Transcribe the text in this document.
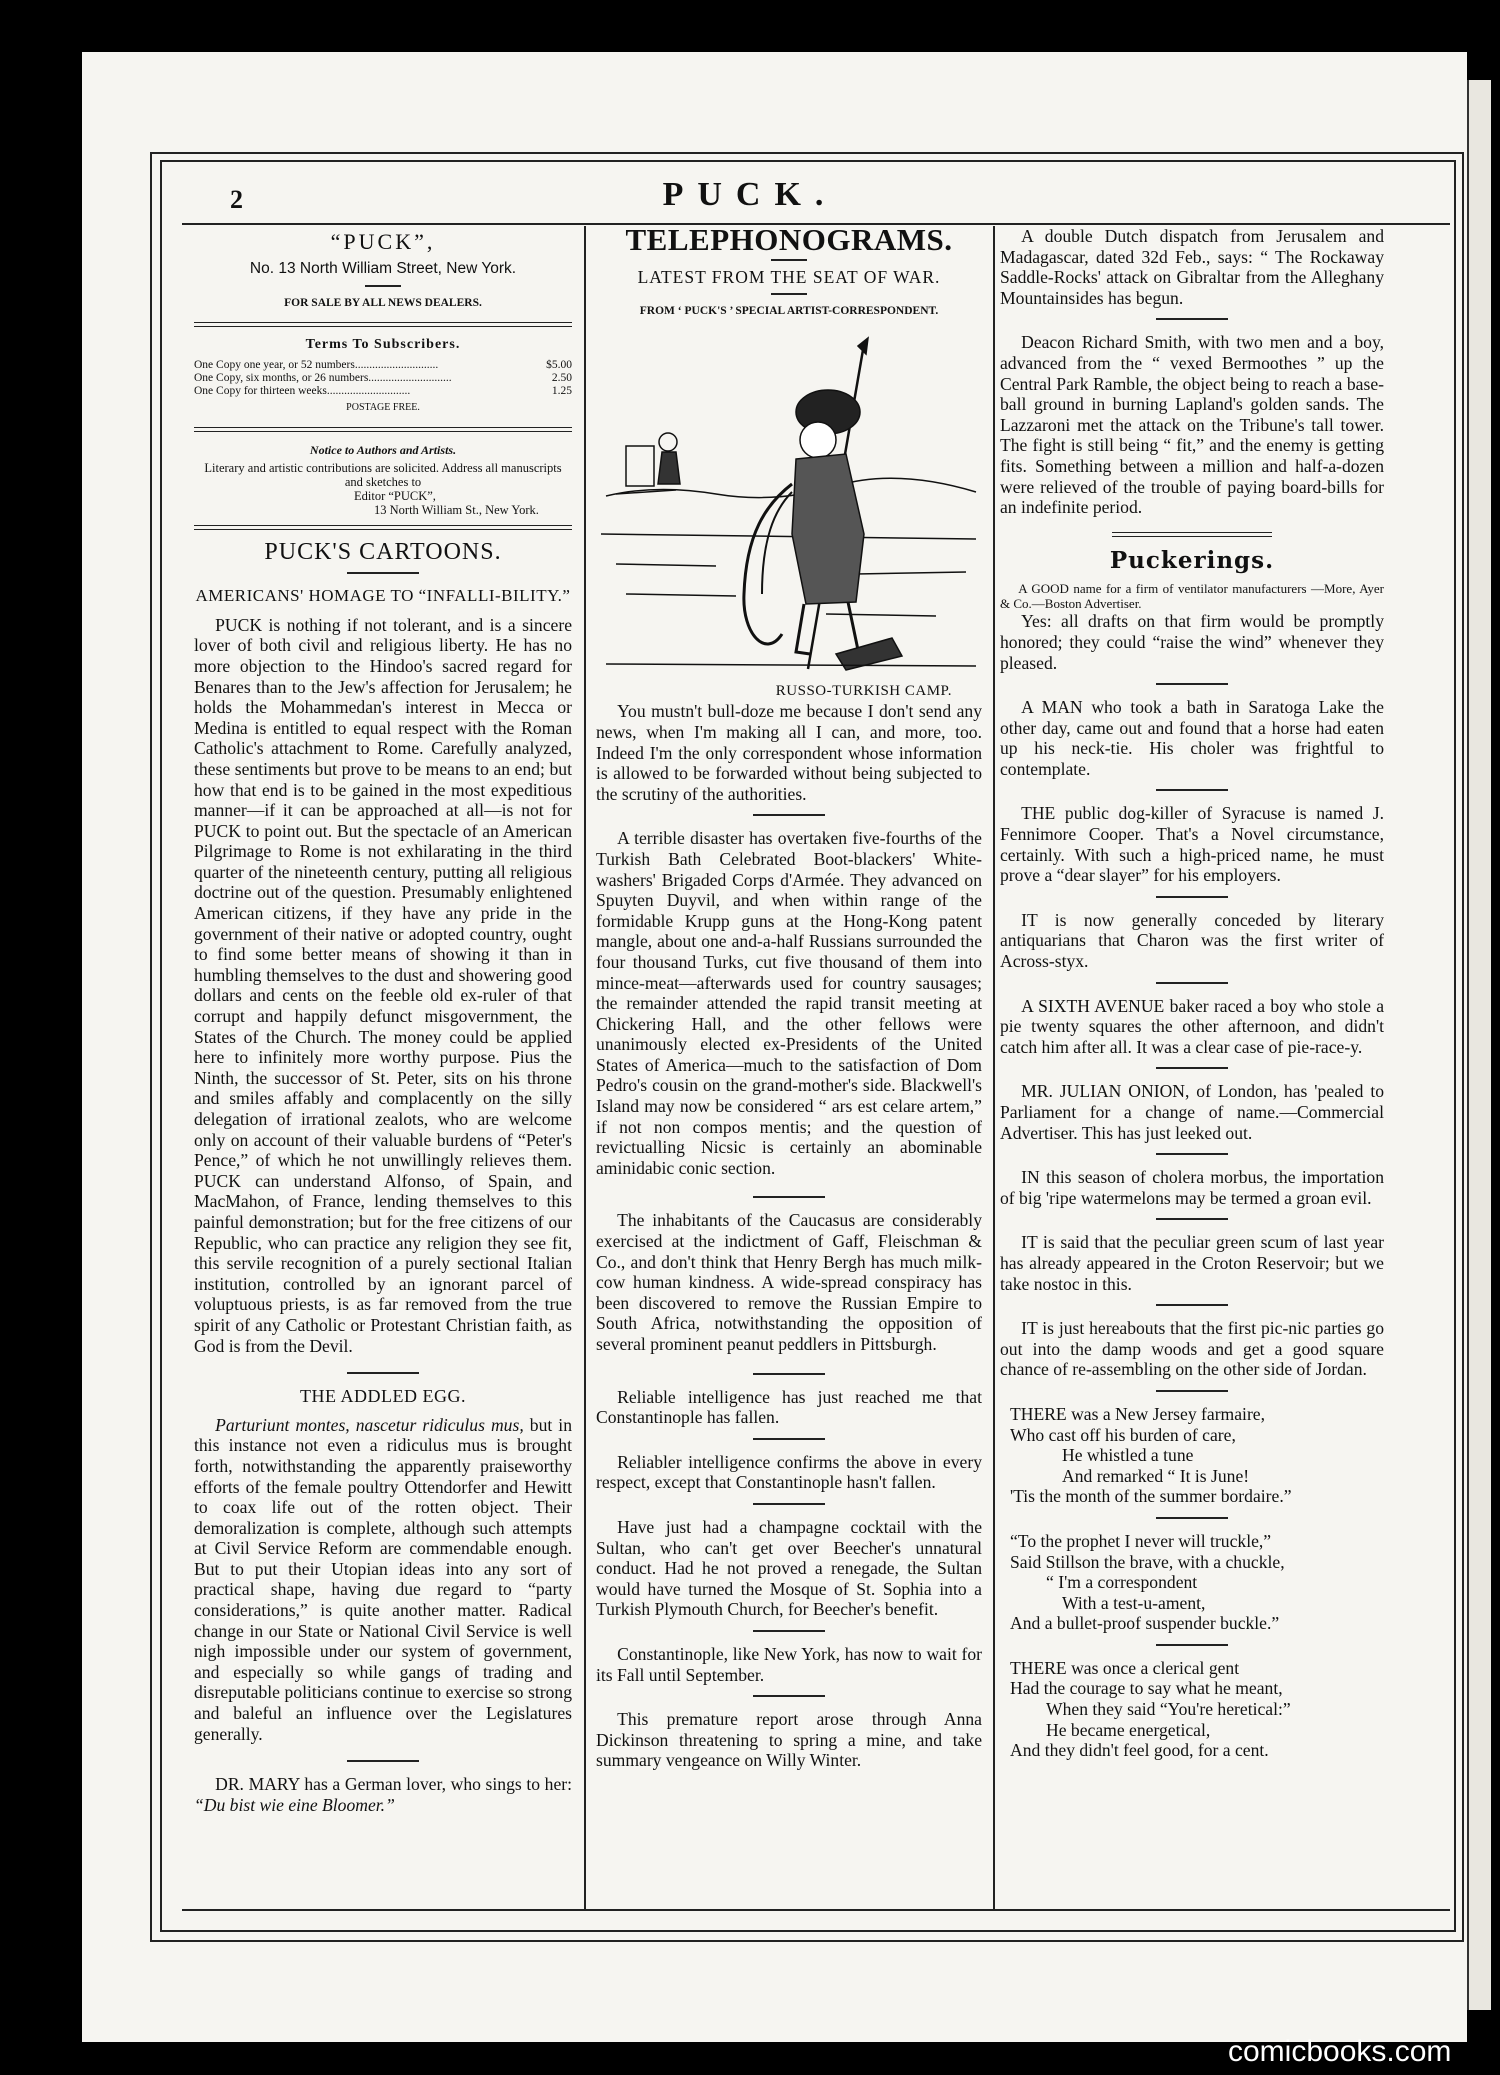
2	PUCK.
“PUCK”,
No. 13 North William Street, New York.
FOR SALE BY ALL NEWS DEALERS.
Terms To Subscribers.
One Copy one year, or 52 numbers.............................	$5.00
One Copy, six months, or 26 numbers.............................	2.50
One Copy for thirteen weeks.............................	1.25
POSTAGE FREE.
Notice to Authors and Artists.
Literary and artistic contributions are solicited. Address all manuscripts and sketches to
Editor “PUCK”,
13 North William St., New York.
PUCK'S CARTOONS.
AMERICANS' HOMAGE TO “INFALLI-BILITY.”

PUCK is nothing if not tolerant, and is a sincere lover of both civil and religious liberty. He has no more objection to the Hindoo's sacred regard for Benares than to the Jew's affection for Jerusalem; he holds the Mohammedan's interest in Mecca or Medina is entitled to equal respect with the Roman Catholic's attachment to Rome. Carefully analyzed, these sentiments but prove to be means to an end; but how that end is to be gained in the most expeditious manner—if it can be approached at all—is not for PUCK to point out. But the spectacle of an American Pilgrimage to Rome is not exhilarating in the third quarter of the nineteenth century, putting all religious doctrine out of the question. Presumably enlightened American citizens, if they have any pride in the government of their native or adopted country, ought to find some better means of showing it than in humbling themselves to the dust and showering good dollars and cents on the feeble old ex-ruler of that corrupt and happily defunct misgovernment, the States of the Church. The money could be applied here to infinitely more worthy purpose. Pius the Ninth, the successor of St. Peter, sits on his throne and smiles affably and complacently on the silly delegation of irrational zealots, who are welcome only on account of their valuable burdens of “Peter's Pence,” of which he not unwillingly relieves them. PUCK can understand Alfonso, of Spain, and MacMahon, of France, lending themselves to this painful demonstration; but for the free citizens of our Republic, who can practice any religion they see fit, this servile recognition of a purely sectional Italian institution, controlled by an ignorant parcel of voluptuous priests, is as far removed from the true spirit of any Catholic or Protestant Christian faith, as God is from the Devil.

THE ADDLED EGG.

Parturiunt montes, nascetur ridiculus mus, but in this instance not even a ridiculus mus is brought forth, notwithstanding the apparently praiseworthy efforts of the female poultry Ottendorfer and Hewitt to coax life out of the rotten object. Their demoralization is complete, although such attempts at Civil Service Reform are commendable enough. But to put their Utopian ideas into any sort of practical shape, having due regard to “party considerations,” is quite another matter. Radical change in our State or National Civil Service is well nigh impossible under our system of government, and especially so while gangs of trading and disreputable politicians continue to exercise so strong and baleful an influence over the Legislatures generally.

DR. MARY has a German lover, who sings to her: “Du bist wie eine Bloomer.”

TELEPHONOGRAMS.
LATEST FROM THE SEAT OF WAR.
FROM ‘ PUCK'S ’ SPECIAL ARTIST-CORRESPONDENT.
RUSSO-TURKISH CAMP.

You mustn't bull-doze me because I don't send any news, when I'm making all I can, and more, too. Indeed I'm the only correspondent whose information is allowed to be forwarded without being subjected to the scrutiny of the authorities.

A terrible disaster has overtaken five-fourths of the Turkish Bath Celebrated Boot-blackers' White-washers' Brigaded Corps d'Armée. They advanced on Spuyten Duyvil, and when within range of the formidable Krupp guns at the Hong-Kong patent mangle, about one and-a-half Russians surrounded the four thousand Turks, cut five thousand of them into mince-meat—afterwards used for country sausages; the remainder attended the rapid transit meeting at Chickering Hall, and the other fellows were unanimously elected ex-Presidents of the United States of America—much to the satisfaction of Dom Pedro's cousin on the grand-mother's side. Blackwell's Island may now be considered “ ars est celare artem,” if not non compos mentis; and the question of revictualling Nicsic is certainly an abominable aminidabic conic section.

The inhabitants of the Caucasus are considerably exercised at the indictment of Gaff, Fleischman & Co., and don't think that Henry Bergh has much milk-cow human kindness. A wide-spread conspiracy has been discovered to remove the Russian Empire to South Africa, notwithstanding the opposition of several prominent peanut peddlers in Pittsburgh.

Reliable intelligence has just reached me that Constantinople has fallen.

Reliabler intelligence confirms the above in every respect, except that Constantinople hasn't fallen.

Have just had a champagne cocktail with the Sultan, who can't get over Beecher's unnatural conduct. Had he not proved a renegade, the Sultan would have turned the Mosque of St. Sophia into a Turkish Plymouth Church, for Beecher's benefit.

Constantinople, like New York, has now to wait for its Fall until September.

This premature report arose through Anna Dickinson threatening to spring a mine, and take summary vengeance on Willy Winter.

A double Dutch dispatch from Jerusalem and Madagascar, dated 32d Feb., says: “ The Rockaway Saddle-Rocks' attack on Gibraltar from the Alleghany Mountainsides has begun.

Deacon Richard Smith, with two men and a boy, advanced from the “ vexed Bermoothes ” up the Central Park Ramble, the object being to reach a base-ball ground in burning Lapland's golden sands. The Lazzaroni met the attack on the Tribune's tall tower. The fight is still being “ fit,” and the enemy is getting fits. Something between a million and half-a-dozen were relieved of the trouble of paying board-bills for an indefinite period.

Puckerings.
A GOOD name for a firm of ventilator manufacturers —More, Ayer & Co.—Boston Advertiser.

Yes: all drafts on that firm would be promptly honored; they could “raise the wind” whenever they pleased.

A MAN who took a bath in Saratoga Lake the other day, came out and found that a horse had eaten up his neck-tie. His choler was frightful to contemplate.

THE public dog-killer of Syracuse is named J. Fennimore Cooper. That's a Novel circumstance, certainly. With such a high-priced name, he must prove a “dear slayer” for his employers.

IT is now generally conceded by literary antiquarians that Charon was the first writer of Across-styx.

A SIXTH AVENUE baker raced a boy who stole a pie twenty squares the other afternoon, and didn't catch him after all. It was a clear case of pie-race-y.

MR. JULIAN ONION, of London, has 'pealed to Parliament for a change of name.—Commercial Advertiser. This has just leeked out.

IN this season of cholera morbus, the importation of big 'ripe watermelons may be termed a groan evil.

IT is said that the peculiar green scum of last year has already appeared in the Croton Reservoir; but we take nostoc in this.

IT is just hereabouts that the first pic-nic parties go out into the damp woods and get a good square chance of re-assembling on the other side of Jordan.

THERE was a New Jersey farmaire,

Who cast off his burden of care,

He whistled a tune

And remarked “ It is June!

'Tis the month of the summer bordaire.”

“To the prophet I never will truckle,”

Said Stillson the brave, with a chuckle,

“ I'm a correspondent

With a test-u-ament,

And a bullet-proof suspender buckle.”

THERE was once a clerical gent

Had the courage to say what he meant,

When they said “You're heretical:”

He became energetical,

And they didn't feel good, for a cent.

comicbooks.com
